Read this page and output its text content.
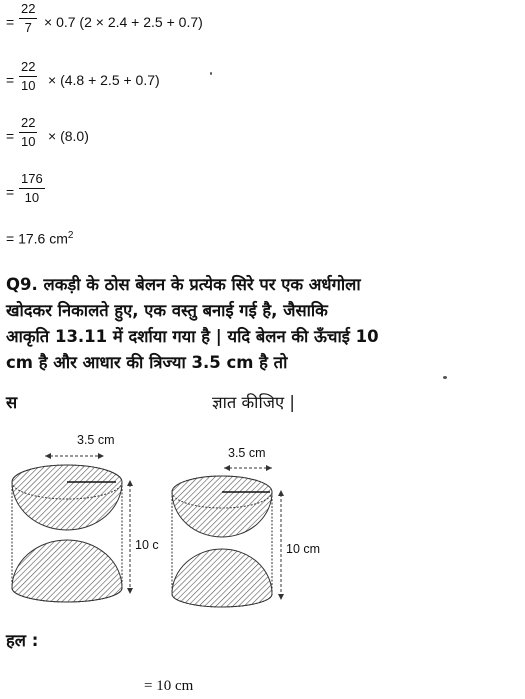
= $\frac{22}{7} \times 0.7$ (2 × 2.4 + 2.5 + 0.7)
= $\frac{22}{10} \times (4.8 + 2.5 + 0.7)$
= $\frac{22}{10} \times (8.0)$
= $\frac{176}{10}$
= 17.6 $cm^2$
Q9. लकड़ी के ठोस बेलन के प्रत्येक सिरे पर एक अर्धगोला
खोदकर निकालते हुए, एक वस्तु बनाई गई है, जैसाकि
आकृति 13.11 में दर्शाया गया है | यदि बेलन की ऊँचाई 10
cm है और आधार की त्रिज्या 3.5 cm है तो
स	ज्ञात कीजिए |
3.5 cm
10 c
3.5 cm
10 cm
हल :
= 10 cm
